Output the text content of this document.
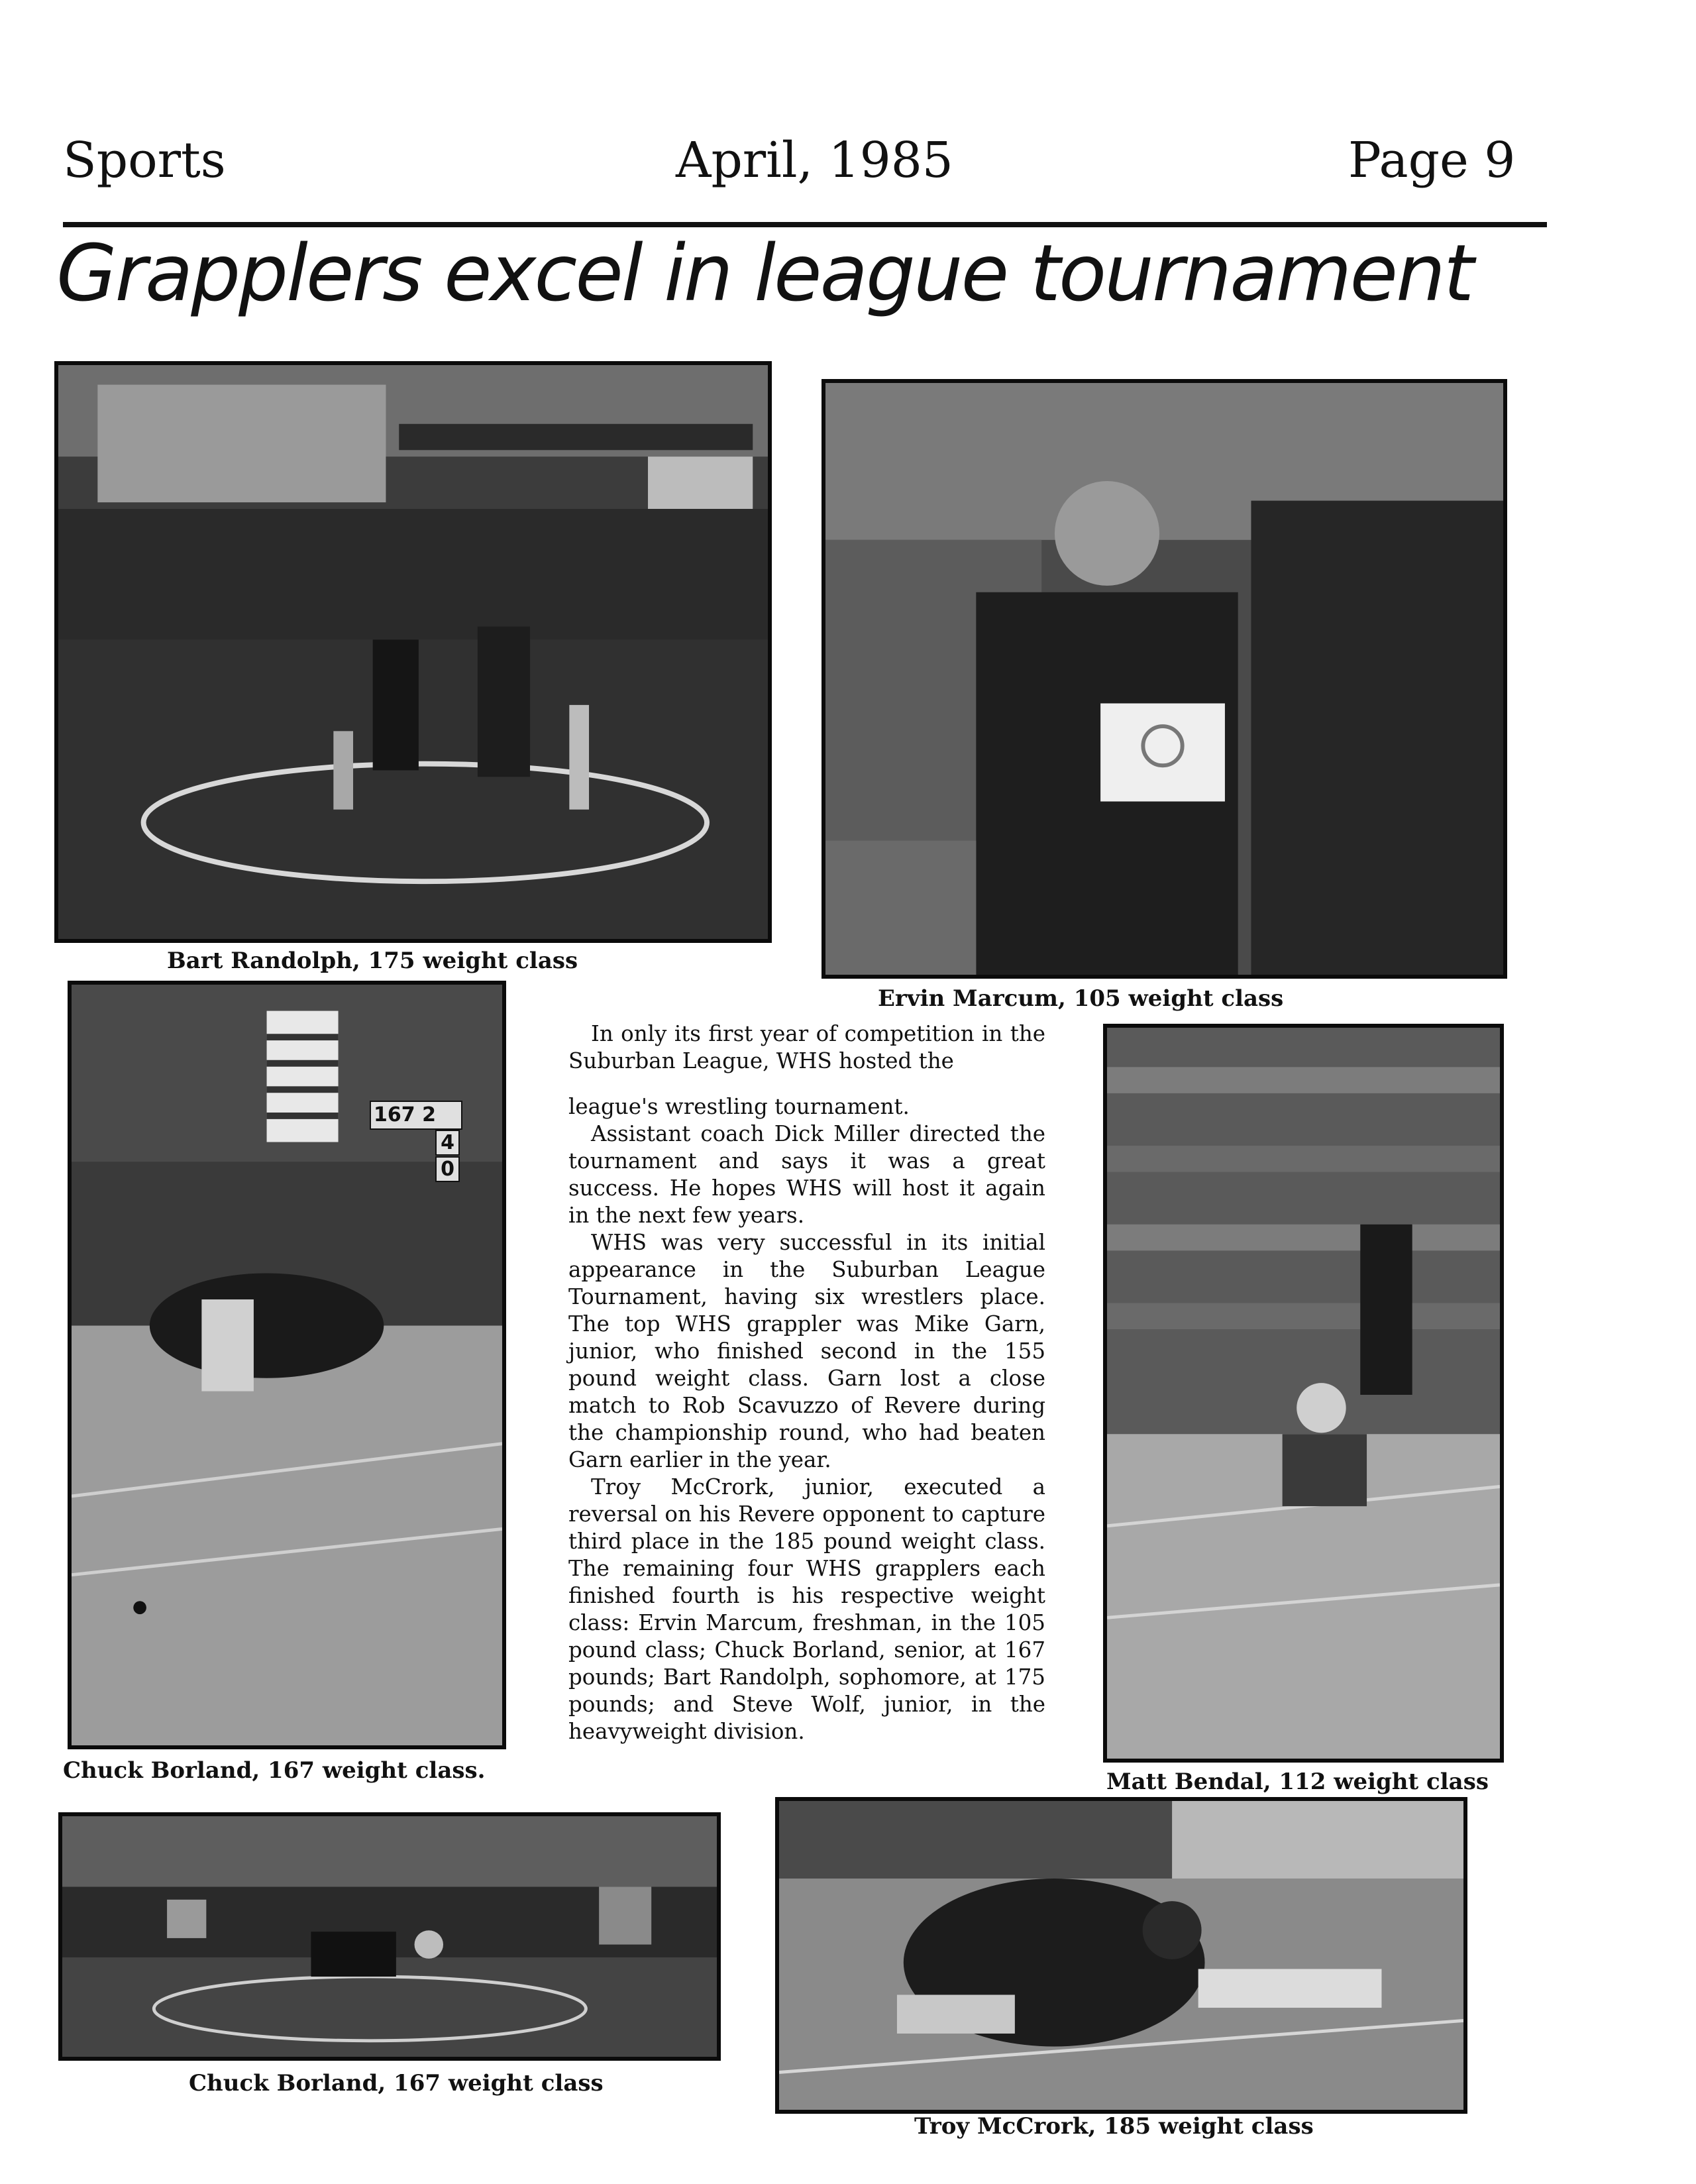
Sports	April, 1985	Page 9
Grapplers excel in league tournament
Bart Randolph, 175 weight class
Ervin Marcum, 105 weight class
167 2
4
0
Chuck Borland, 167 weight class.

In only its first year of competition in the Suburban League, WHS hosted the

league's wrestling tournament.

Assistant coach Dick Miller directed the tournament and says it was a great success. He hopes WHS will host it again in the next few years.

WHS was very successful in its initial appearance in the Suburban League Tournament, having six wrestlers place. The top WHS grappler was Mike Garn, junior, who finished second in the 155 pound weight class. Garn lost a close match to Rob Scavuzzo of Revere during the championship round, who had beaten Garn earlier in the year.

Troy McCrork, junior, executed a reversal on his Revere opponent to capture third place in the 185 pound weight class. The remaining four WHS grapplers each finished fourth is his respective weight class: Ervin Marcum, freshman, in the 105 pound class; Chuck Borland, senior, at 167 pounds; Bart Randolph, sophomore, at 175 pounds; and Steve Wolf, junior, in the heavyweight division.

Matt Bendal, 112 weight class
Chuck Borland, 167 weight class
Troy McCrork, 185 weight class
